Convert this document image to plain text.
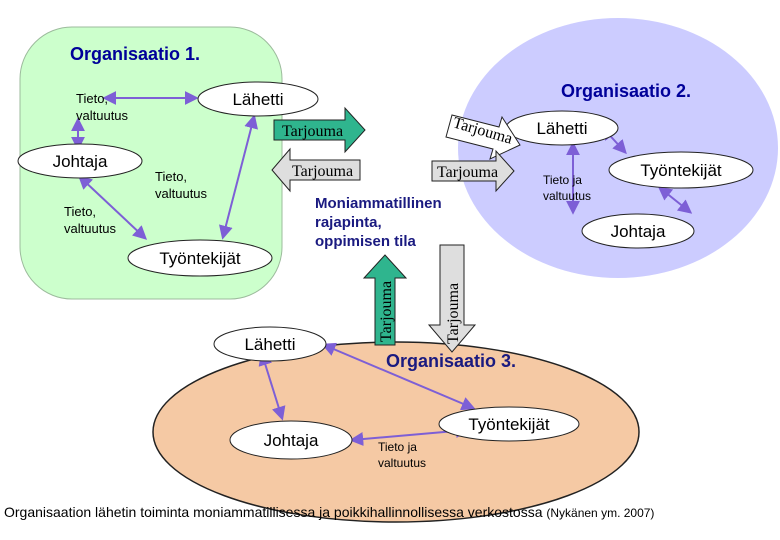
Organisaatio 1.
Organisaatio 2.
Organisaatio 3.
Lähetti
Johtaja
Työntekijät
Lähetti
Työntekijät
Johtaja
Lähetti
Johtaja
Työntekijät
Tieto, valtuutus
Tieto, valtuutus
Tieto, valtuutus
Tieto ja valtuutus
Tieto ja valtuutus
Tarjouma	Tarjouma
Tarjouma	Tarjouma
Tarjouma	Tarjouma
Moniammatillinen rajapinta, oppimisen tila
Organisaation lähetin toiminta moniammatillisessa ja poikkihallinnollisessa verkostossa (Nykänen ym. 2007)
